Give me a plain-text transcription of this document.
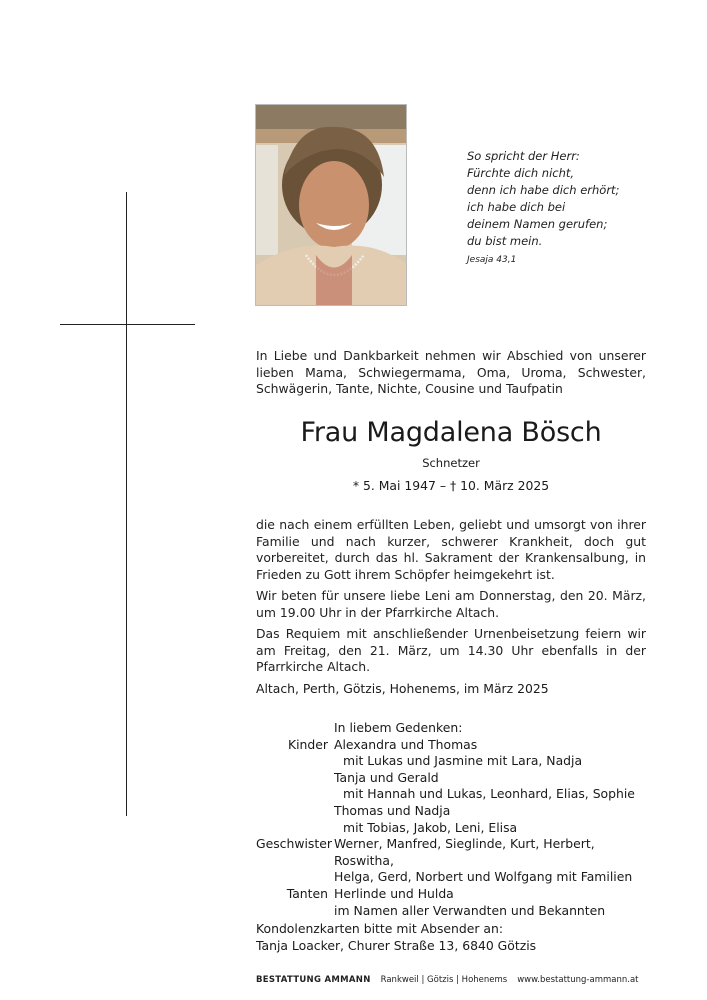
So spricht der Herr:
Fürchte dich nicht,
denn ich habe dich erhört;
ich habe dich bei
deinem Namen gerufen;
du bist mein.
Jesaja 43,1
In Liebe und Dankbarkeit nehmen wir Abschied von unserer lieben Mama, Schwiegermama, Oma, Uroma, Schwester, Schwägerin, Tante, Nichte, Cousine und Taufpatin
Frau Magdalena Bösch
Schnetzer
* 5. Mai 1947 – † 10. März 2025
die nach einem erfüllten Leben, geliebt und umsorgt von ihrer Familie und nach kurzer, schwerer Krankheit, doch gut vorbereitet, durch das hl. Sakrament der Krankensalbung, in Frieden zu Gott ihrem Schöpfer heimgekehrt ist.
Wir beten für unsere liebe Leni am Donnerstag, den 20. März, um 19.00 Uhr in der Pfarrkirche Altach.
Das Requiem mit anschließender Urnenbeisetzung feiern wir am Freitag, den 21. März, um 14.30 Uhr ebenfalls in der Pfarrkirche Altach.
Altach, Perth, Götzis, Hohenems, im März 2025
In liebem Gedenken:
Kinder Alexandra und Thomas
mit Lukas und Jasmine mit Lara, Nadja
Tanja und Gerald
mit Hannah und Lukas, Leonhard, Elias, Sophie
Thomas und Nadja
mit Tobias, Jakob, Leni, Elisa
Geschwister Werner, Manfred, Sieglinde, Kurt, Herbert, Roswitha,
Helga, Gerd, Norbert und Wolfgang mit Familien
Tanten Herlinde und Hulda
im Namen aller Verwandten und Bekannten
Kondolenzkarten bitte mit Absender an:
Tanja Loacker, Churer Straße 13, 6840 Götzis
BESTATTUNG AMMANN Rankweil | Götzis | Hohenems www.bestattung-ammann.at
